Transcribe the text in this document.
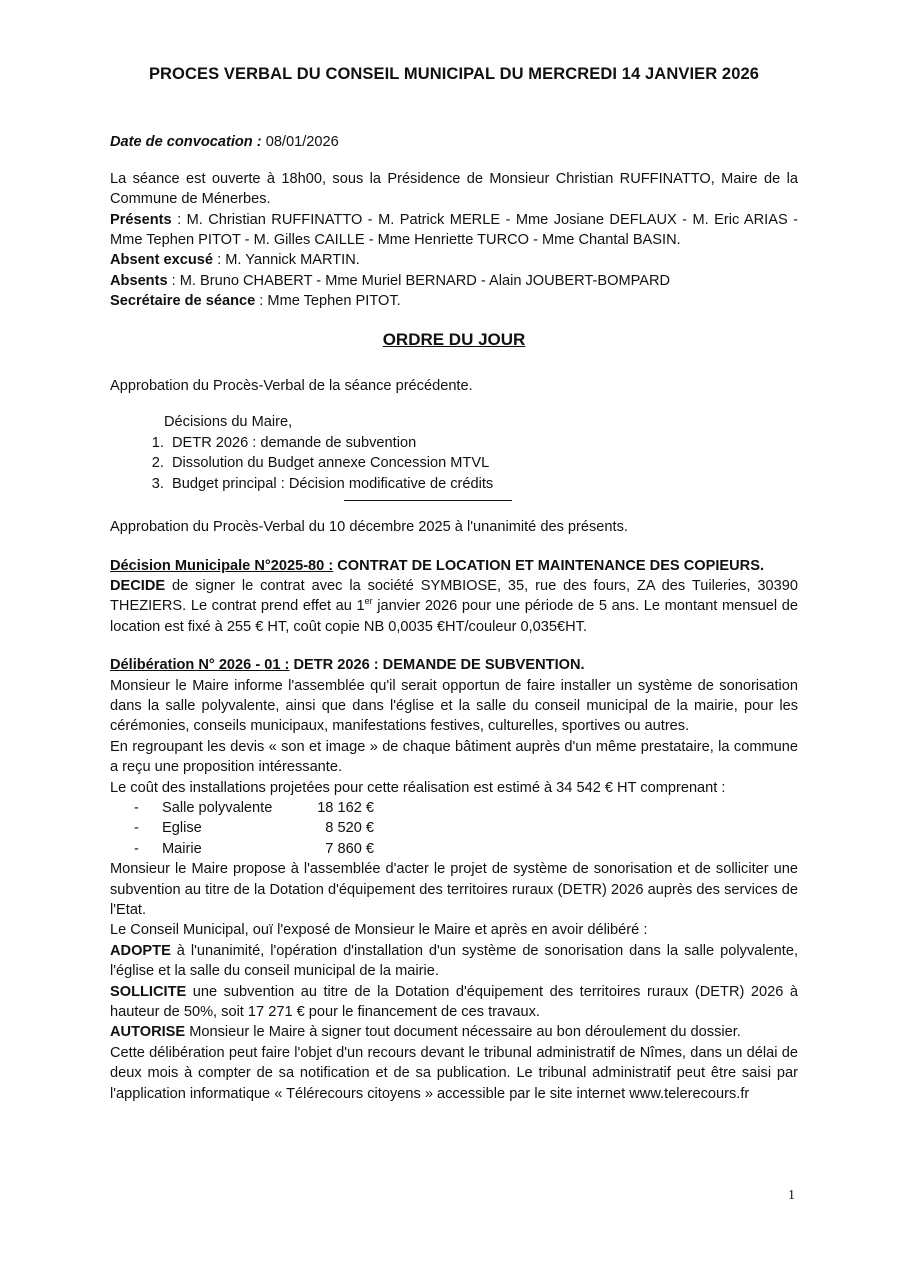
PROCES VERBAL DU CONSEIL MUNICIPAL DU MERCREDI 14 JANVIER 2026

Date de convocation : 08/01/2026

La séance est ouverte à 18h00, sous la Présidence de Monsieur Christian RUFFINATTO, Maire de la Commune de Ménerbes.

Présents : M. Christian RUFFINATTO - M. Patrick MERLE - Mme Josiane DEFLAUX - M. Eric ARIAS - Mme Tephen PITOT - M. Gilles CAILLE - Mme Henriette TURCO - Mme Chantal BASIN.

Absent excusé : M. Yannick MARTIN.

Absents : M. Bruno CHABERT - Mme Muriel BERNARD - Alain JOUBERT-BOMPARD

Secrétaire de séance : Mme Tephen PITOT.

ORDRE DU JOUR

Approbation du Procès-Verbal de la séance précédente.

Décisions du Maire,

1. DETR 2026 : demande de subvention
2. Dissolution du Budget annexe Concession MTVL
3. Budget principal : Décision modificative de crédits

Approbation du Procès-Verbal du 10 décembre 2025 à l'unanimité des présents.

Décision Municipale N°2025-80 : CONTRAT DE LOCATION ET MAINTENANCE DES COPIEURS.

DECIDE de signer le contrat avec la société SYMBIOSE, 35, rue des fours, ZA des Tuileries, 30390 THEZIERS. Le contrat prend effet au 1er janvier 2026 pour une période de 5 ans. Le montant mensuel de location est fixé à 255 € HT, coût copie NB 0,0035 €HT/couleur 0,035€HT.

Délibération N° 2026 - 01 : DETR 2026 : DEMANDE DE SUBVENTION.

Monsieur le Maire informe l'assemblée qu'il serait opportun de faire installer un système de sonorisation dans la salle polyvalente, ainsi que dans l'église et la salle du conseil municipal de la mairie, pour les cérémonies, conseils municipaux, manifestations festives, culturelles, sportives ou autres.

En regroupant les devis « son et image » de chaque bâtiment auprès d'un même prestataire, la commune a reçu une proposition intéressante.

Le coût des installations projetées pour cette réalisation est estimé à 34 542 € HT comprenant :

-	Salle polyvalente	18 162 €
-	Eglise	8 520 €
-	Mairie	7 860 €

Monsieur le Maire propose à l'assemblée d'acter le projet de système de sonorisation et de solliciter une subvention au titre de la Dotation d'équipement des territoires ruraux (DETR) 2026 auprès des services de l'Etat.

Le Conseil Municipal, ouï l'exposé de Monsieur le Maire et après en avoir délibéré :

ADOPTE à l'unanimité, l'opération d'installation d'un système de sonorisation dans la salle polyvalente, l'église et la salle du conseil municipal de la mairie.

SOLLICITE une subvention au titre de la Dotation d'équipement des territoires ruraux (DETR) 2026 à hauteur de 50%, soit 17 271 € pour le financement de ces travaux.

AUTORISE Monsieur le Maire à signer tout document nécessaire au bon déroulement du dossier.

Cette délibération peut faire l'objet d'un recours devant le tribunal administratif de Nîmes, dans un délai de deux mois à compter de sa notification et de sa publication. Le tribunal administratif peut être saisi par l'application informatique « Télérecours citoyens » accessible par le site internet www.telerecours.fr

1
